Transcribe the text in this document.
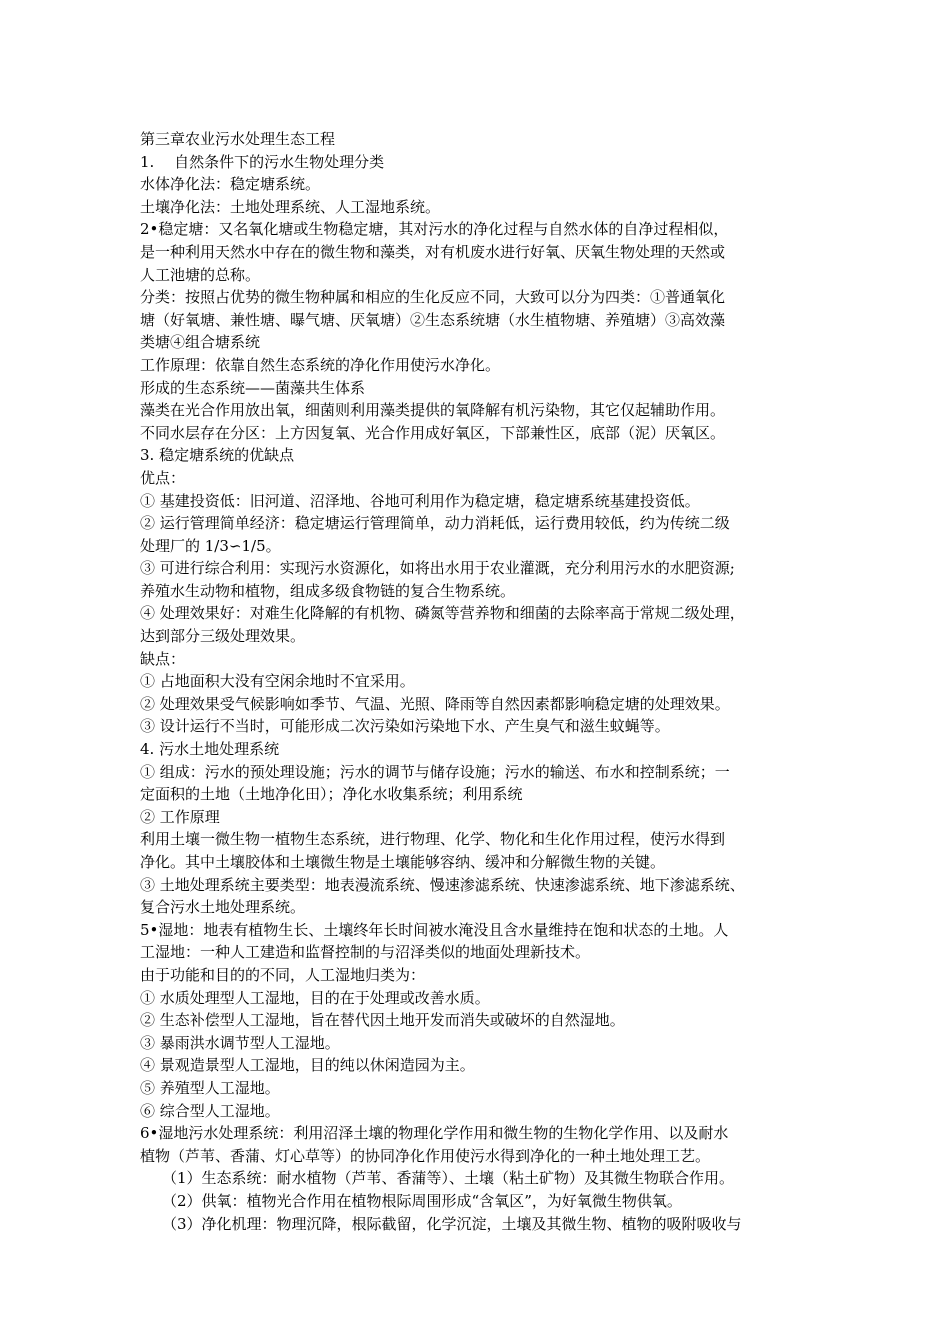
第三章农业污水处理生态工程

1.　 自然条件下的污水生物处理分类

水体净化法：稳定塘系统。

土壤净化法：土地处理系统、人工湿地系统。

2•稳定塘：又名氧化塘或生物稳定塘，其对污水的净化过程与自然水体的自净过程相似，

是一种利用天然水中存在的微生物和藻类，对有机废水进行好氧、厌氧生物处理的天然或

人工池塘的总称。

分类：按照占优势的微生物种属和相应的生化反应不同，大致可以分为四类：①普通氧化

塘（好氧塘、兼性塘、曝气塘、厌氧塘）②生态系统塘（水生植物塘、养殖塘）③高效藻

类塘④组合塘系统

工作原理：依靠自然生态系统的净化作用使污水净化。

形成的生态系统——菌藻共生体系

藻类在光合作用放出氧，细菌则利用藻类提供的氧降解有机污染物，其它仅起辅助作用。

不同水层存在分区：上方因复氧、光合作用成好氧区，下部兼性区，底部（泥）厌氧区。

3. 稳定塘系统的优缺点

优点：

① 基建投资低：旧河道、沼泽地、谷地可利用作为稳定塘，稳定塘系统基建投资低。

② 运行管理简单经济：稳定塘运行管理简单，动力消耗低，运行费用较低，约为传统二级

处理厂的 1/3∽1/5。

③ 可进行综合利用：实现污水资源化，如将出水用于农业灌溉，充分利用污水的水肥资源;

养殖水生动物和植物，组成多级食物链的复合生物系统。

④ 处理效果好：对难生化降解的有机物、磷氮等营养物和细菌的去除率高于常规二级处理，

达到部分三级处理效果。

缺点：

① 占地面积大没有空闲余地时不宜采用。

② 处理效果受气候影响如季节、气温、光照、降雨等自然因素都影响稳定塘的处理效果。

③ 设计运行不当时，可能形成二次污染如污染地下水、产生臭气和滋生蚊蝇等。

4. 污水土地处理系统

① 组成：污水的预处理设施；污水的调节与储存设施；污水的输送、布水和控制系统；一

定面积的土地（土地净化田）；净化水收集系统；利用系统

② 工作原理

利用土壤一微生物一植物生态系统，进行物理、化学、物化和生化作用过程，使污水得到

净化。其中土壤胶体和土壤微生物是土壤能够容纳、缓冲和分解微生物的关键。

③ 土地处理系统主要类型：地表漫流系统、慢速渗滤系统、快速渗滤系统、地下渗滤系统、

复合污水土地处理系统。

5•湿地：地表有植物生长、土壤终年长时间被水淹没且含水量维持在饱和状态的土地。人

工湿地：一种人工建造和监督控制的与沼泽类似的地面处理新技术。

由于功能和目的的不同，人工湿地归类为：

① 水质处理型人工湿地，目的在于处理或改善水质。

② 生态补偿型人工湿地，旨在替代因土地开发而消失或破坏的自然湿地。

③ 暴雨洪水调节型人工湿地。

④ 景观造景型人工湿地，目的纯以休闲造园为主。

⑤ 养殖型人工湿地。

⑥ 综合型人工湿地。

6•湿地污水处理系统：利用沼泽土壤的物理化学作用和微生物的生物化学作用、以及耐水

植物（芦苇、香蒲、灯心草等）的协同净化作用使污水得到净化的一种土地处理工艺。

（1）生态系统：耐水植物（芦苇、香蒲等）、土壤（粘土矿物）及其微生物联合作用。

（2）供氧：植物光合作用在植物根际周围形成“含氧区”，为好氧微生物供氧。

（3）净化机理：物理沉降，根际截留，化学沉淀，土壤及其微生物、植物的吸附吸收与
